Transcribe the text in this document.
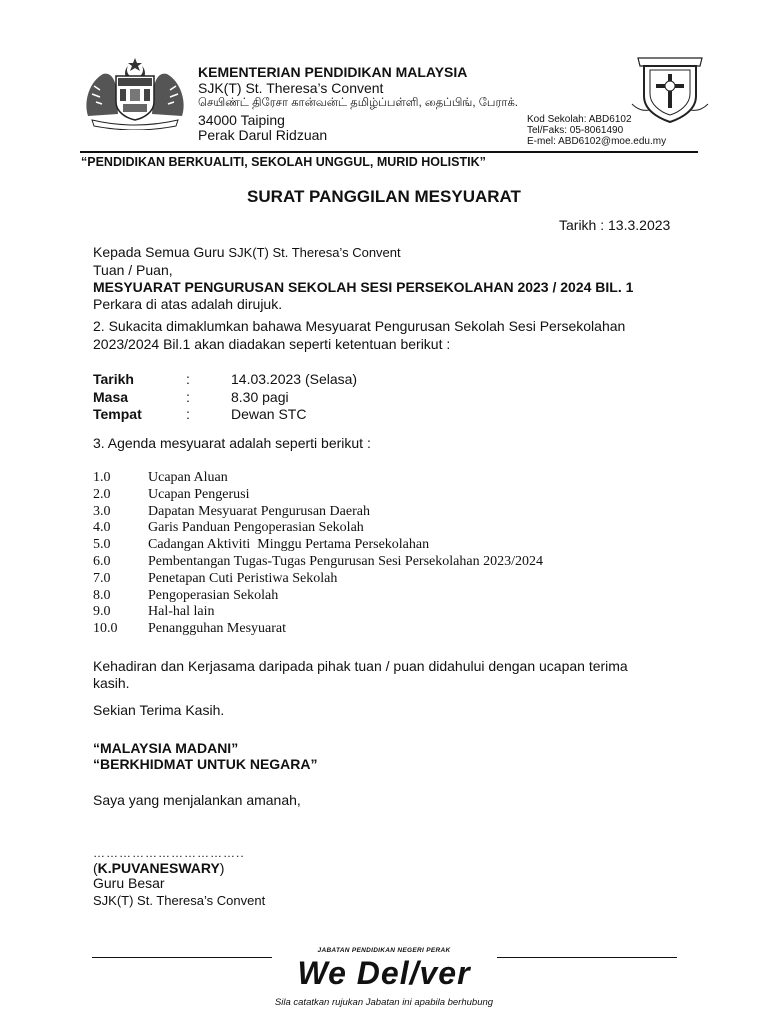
KEMENTERIAN PENDIDIKAN MALAYSIA
SJK(T) St. Theresa’s Convent
செயிண்ட் திரேசா கான்வன்ட் தமிழ்ப்பள்ளி, தைப்பிங், பேராக்.
34000 Taiping
Perak Darul Ridzuan
Kod Sekolah: ABD6102
Tel/Faks: 05-8061490
E-mel: ABD6102@moe.edu.my
“PENDIDIKAN BERKUALITI, SEKOLAH UNGGUL, MURID HOLISTIK”
SURAT PANGGILAN MESYUARAT
Tarikh : 13.3.2023
Kepada Semua Guru SJK(T) St. Theresa’s Convent
Tuan / Puan,
MESYUARAT PENGURUSAN SEKOLAH SESI PERSEKOLAHAN 2023 / 2024 BIL. 1
Perkara di atas adalah dirujuk.
2. Sukacita dimaklumkan bahawa Mesyuarat Pengurusan Sekolah Sesi Persekolahan
2023/2024 Bil.1 akan diadakan seperti ketentuan berikut :
Tarikh	:	14.03.2023 (Selasa)
Masa	:	8.30 pagi
Tempat	:	Dewan STC
3. Agenda mesyuarat adalah seperti berikut :
1.0	Ucapan Aluan
2.0	Ucapan Pengerusi
3.0	Dapatan Mesyuarat Pengurusan Daerah
4.0	Garis Panduan Pengoperasian Sekolah
5.0	Cadangan Aktiviti  Minggu Pertama Persekolahan
6.0	Pembentangan Tugas-Tugas Pengurusan Sesi Persekolahan 2023/2024
7.0	Penetapan Cuti Peristiwa Sekolah
8.0	Pengoperasian Sekolah
9.0	Hal-hal lain
10.0	Penangguhan Mesyuarat
Kehadiran dan Kerjasama daripada pihak tuan / puan didahului dengan ucapan terima
kasih.
Sekian Terima Kasih.
“MALAYSIA MADANI”
“BERKHIDMAT UNTUK NEGARA”
Saya yang menjalankan amanah,
……………………………..
(K.PUVANESWARY)
Guru Besar
SJK(T) St. Theresa’s Convent
JABATAN PENDIDIKAN NEGERI PERAK
We Del/ver
Sila catatkan rujukan Jabatan ini apabila berhubung
